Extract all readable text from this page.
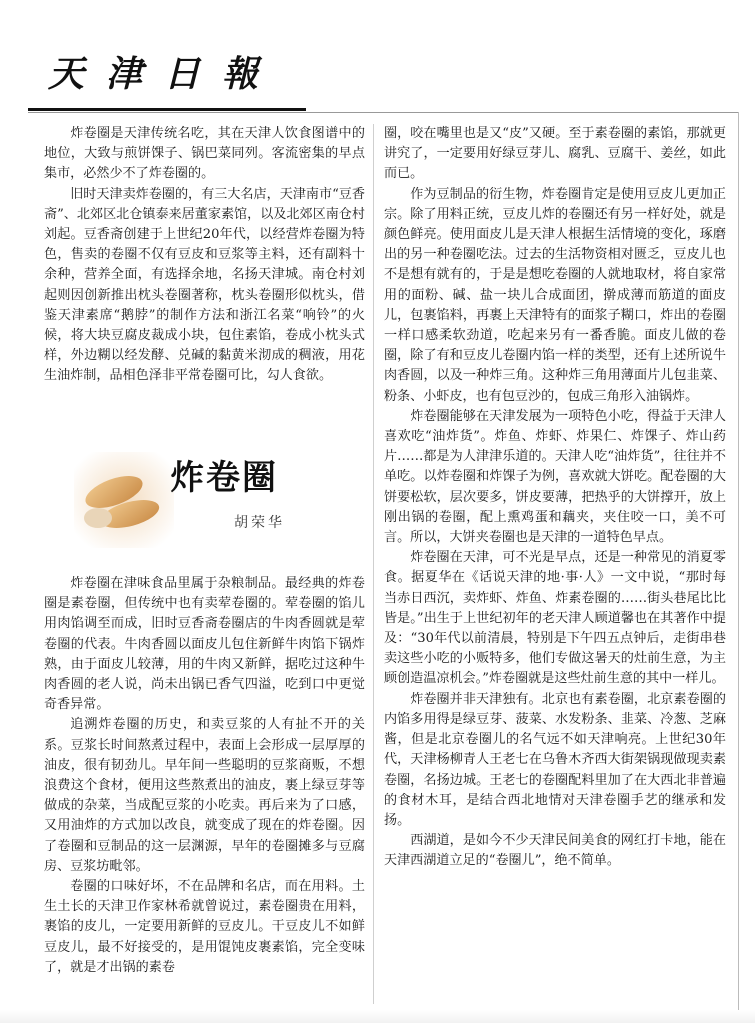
天津日報

炸卷圈是天津传统名吃，其在天津人饮食图谱中的地位，大致与煎饼馃子、锅巴菜同列。客流密集的早点集市，必然少不了炸卷圈的。

旧时天津卖炸卷圈的，有三大名店，天津南市“豆香斋”、北郊区北仓镇泰来居董家素馆，以及北郊区南仓村刘起。豆香斋创建于上世纪20年代，以经营炸卷圈为特色，售卖的卷圈不仅有豆皮和豆浆等主料，还有副料十余种，营养全面，有选择余地，名扬天津城。南仓村刘起则因创新推出枕头卷圈著称，枕头卷圈形似枕头，借鉴天津素席“鹅脖”的制作方法和浙江名菜“响铃”的火候，将大块豆腐皮裁成小块，包住素馅，卷成小枕头式样，外边糊以经发酵、兑碱的黏黄米沏成的稠液，用花生油炸制，品相色泽非平常卷圈可比，勾人食欲。

炸卷圈
胡荣华

炸卷圈在津味食品里属于杂粮制品。最经典的炸卷圈是素卷圈，但传统中也有卖荤卷圈的。荤卷圈的馅儿用肉馅调至而成，旧时豆香斋卷圈店的牛肉香圆就是荤卷圈的代表。牛肉香圆以面皮儿包住新鲜牛肉馅下锅炸熟，由于面皮儿较薄，用的牛肉又新鲜，据吃过这种牛肉香圆的老人说，尚未出锅已香气四溢，吃到口中更觉奇香异常。

追溯炸卷圈的历史，和卖豆浆的人有扯不开的关系。豆浆长时间熬煮过程中，表面上会形成一层厚厚的油皮，很有韧劲儿。早年间一些聪明的豆浆商贩，不想浪费这个食材，便用这些熬煮出的油皮，裹上绿豆芽等做成的杂菜，当成配豆浆的小吃卖。再后来为了口感，又用油炸的方式加以改良，就变成了现在的炸卷圈。因了卷圈和豆制品的这一层渊源，早年的卷圈摊多与豆腐房、豆浆坊毗邻。

卷圈的口味好坏，不在品牌和名店，而在用料。土生土长的天津卫作家林希就曾说过，素卷圈贵在用料，裹馅的皮儿，一定要用新鲜的豆皮儿。干豆皮儿不如鲜豆皮儿，最不好接受的，是用馄饨皮裹素馅，完全变味了，就是才出锅的素卷

圈，咬在嘴里也是又“皮”又硬。至于素卷圈的素馅，那就更讲究了，一定要用好绿豆芽儿、腐乳、豆腐干、姜丝，如此而已。

作为豆制品的衍生物，炸卷圈肯定是使用豆皮儿更加正宗。除了用料正统，豆皮儿炸的卷圈还有另一样好处，就是颜色鲜亮。使用面皮儿是天津人根据生活情境的变化，琢磨出的另一种卷圈吃法。过去的生活物资相对匮乏，豆皮儿也不是想有就有的，于是是想吃卷圈的人就地取材，将自家常用的面粉、碱、盐一块儿合成面团，擀成薄而筋道的面皮儿，包裹馅料，再裹上天津特有的面浆子糊口，炸出的卷圈一样口感柔软劲道，吃起来另有一番香脆。面皮儿做的卷圈，除了有和豆皮儿卷圈内馅一样的类型，还有上述所说牛肉香圆，以及一种炸三角。这种炸三角用薄面片儿包韭菜、粉条、小虾皮，也有包豆沙的，包成三角形入油锅炸。

炸卷圈能够在天津发展为一项特色小吃，得益于天津人喜欢吃“油炸货”。炸鱼、炸虾、炸果仁、炸馃子、炸山药片……都是为人津津乐道的。天津人吃“油炸货”，往往并不单吃。以炸卷圈和炸馃子为例，喜欢就大饼吃。配卷圈的大饼要松软，层次要多，饼皮要薄，把热乎的大饼撑开，放上刚出锅的卷圈，配上熏鸡蛋和藕夹，夹住咬一口，美不可言。所以，大饼夹卷圈也是天津的一道特色早点。

炸卷圈在天津，可不光是早点，还是一种常见的消夏零食。据夏华在《话说天津的地·事·人》一文中说，“那时每当赤日西沉，卖炸虾、炸鱼、炸素卷圈的……街头巷尾比比皆是。”出生于上世纪初年的老天津人顾道馨也在其著作中提及：“30年代以前清晨，特别是下午四五点钟后，走街串巷卖这些小吃的小贩特多，他们专做这暑天的灶前生意，为主顾创造温凉机会。”炸卷圈就是这些灶前生意的其中一样儿。

炸卷圈并非天津独有。北京也有素卷圈，北京素卷圈的内馅多用得是绿豆芽、菠菜、水发粉条、韭菜、冷葱、芝麻酱，但是北京卷圈儿的名气远不如天津响亮。上世纪30年代，天津杨柳青人王老七在乌鲁木齐西大街架锅现做现卖素卷圈，名扬边城。王老七的卷圈配料里加了在大西北非普遍的食材木耳，是结合西北地情对天津卷圈手艺的继承和发扬。

西湖道，是如今不少天津民间美食的网红打卡地，能在天津西湖道立足的“卷圈儿”，绝不简单。
